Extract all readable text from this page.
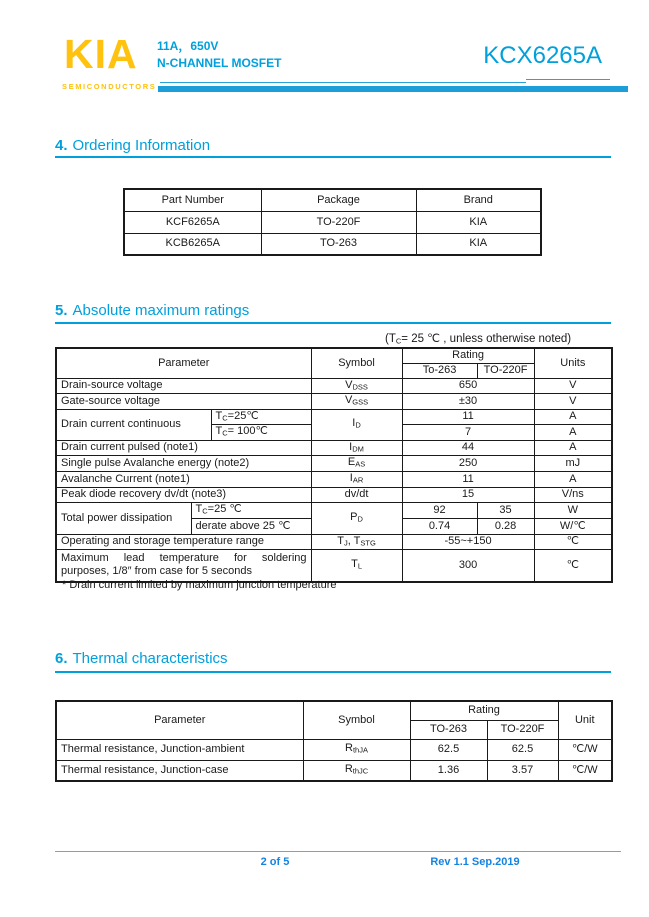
KIA
SEMICONDUCTORS
11A，650V
N-CHANNEL MOSFET	KCX6265A
4. Ordering Information
Part Number	Package	Brand
KCF6265A	TO-220F	KIA
KCB6265A	TO-263	KIA
5. Absolute maximum ratings
(TC= 25 ℃ , unless otherwise noted)
Parameter			Symbol	Rating		Units
				To-263	TO-220F	
Drain-source voltage			VDSS	650		V
Gate-source voltage			VGSS	±30		V
Drain current continuous		TC=25℃	ID	11		A
		TC= 100℃		7		A
Drain current pulsed (note1)			IDM	44		A
Single pulse Avalanche energy (note2)			EAS	250		mJ
Avalanche Current (note1)			IAR	11		A
Peak diode recovery dv/dt (note3)			dv/dt	15		V/ns
Total power dissipation	TC=25 ℃		PD	92	35	W
	derate above 25 ℃			0.74	0.28	W/℃
Operating and storage temperature range			TJ, TSTG	-55~+150		℃
Maximum lead temperature for soldering purposes, 1/8″ from case for 5 seconds			TL	300		℃
* Drain current limited by maximum junction temperature
6. Thermal characteristics
Parameter	Symbol	Rating		Unit
		TO-263	TO-220F	
Thermal resistance, Junction-ambient	RthJA	62.5	62.5	℃/W
Thermal resistance, Junction-case	RthJC	1.36	3.57	℃/W
2 of 5	Rev 1.1 Sep.2019
